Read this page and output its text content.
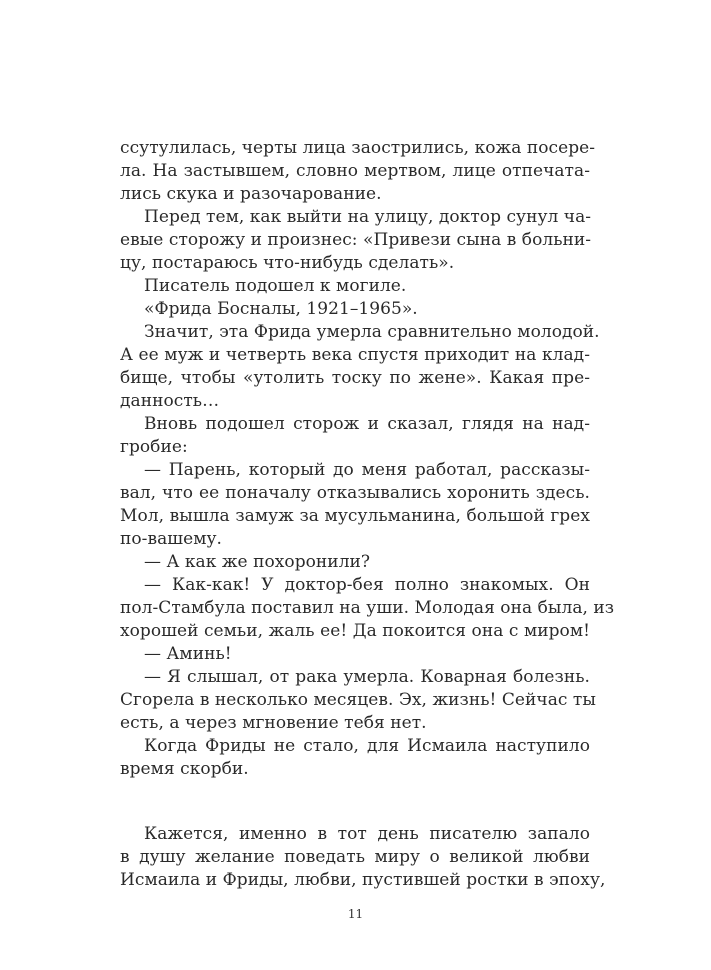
ссутулилась, черты лица заострились, кожа посере-
ла. На застывшем, словно мертвом, лице отпечата-
лись скука и разочарование.
Перед тем, как выйти на улицу, доктор сунул ча-
евые сторожу и произнес: «Привези сына в больни-
цу, постараюсь что-нибудь сделать».
Писатель подошел к могиле.
«Фрида Боснaлы, 1921–1965».
Значит, эта Фрида умерла сравнительно молодой.
А ее муж и четверть века спустя приходит на клад-
бище, чтобы «утолить тоску по жене». Какая пре-
данность…
Вновь подошел сторож и сказал, глядя на над-
гробие:
— Парень, который до меня работал, рассказы-
вал, что ее поначалу отказывались хоронить здесь.
Мол, вышла замуж за мусульманина, большой грех
по-вашему.
— А как же похоронили?
— Как-как! У доктор-бея полно знакомых. Он
пол-Стамбула поставил на уши. Молодая она была, из
хорошей семьи, жаль ее! Да покоится она с миром!
— Аминь!
— Я слышал, от рака умерла. Коварная болезнь.
Сгорела в несколько месяцев. Эх, жизнь! Сейчас ты
есть, а через мгновение тебя нет.
Когда Фриды не стало, для Исмаила наступило
время скорби.
Кажется, именно в тот день писателю запало
в душу желание поведать миру о великой любви
Исмаила и Фриды, любви, пустившей ростки в эпоху,
11
